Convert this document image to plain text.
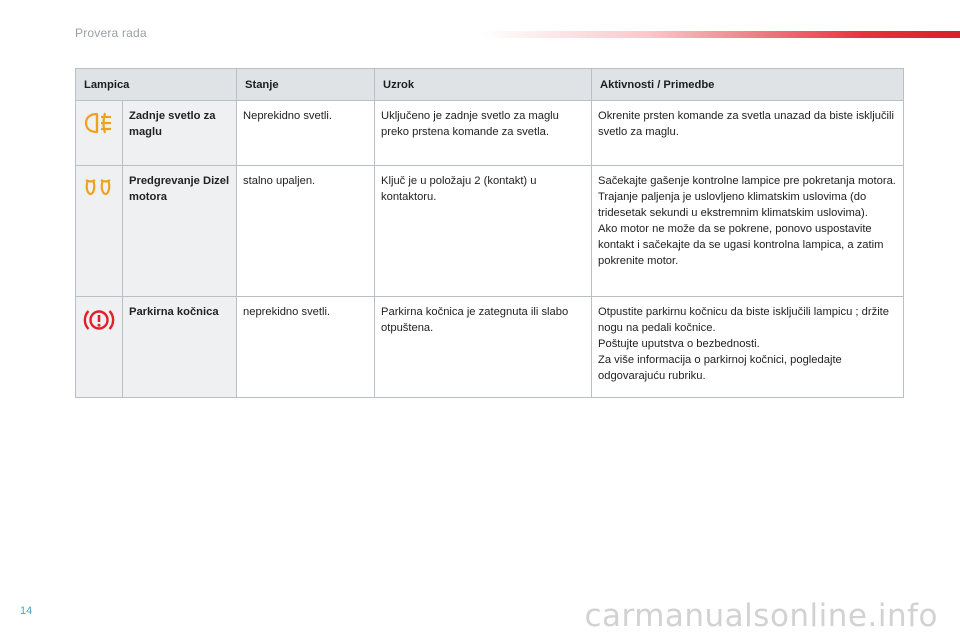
Provera rada
Lampica		Stanje	Uzrok	Aktivnosti / Primedbe

	Zadnje svetlo za maglu	Neprekidno svetli.	Uključeno je zadnje svetlo za maglu preko prstena komande za svetla.	Okrenite prsten komande za svetla unazad da biste isključili svetlo za maglu.

	Predgrevanje Dizel motora	stalno upaljen.	Ključ je u položaju 2 (kontakt) u kontaktoru.	Sačekajte gašenje kontrolne lampice pre pokretanja motora.
Trajanje paljenja je uslovljeno klimatskim uslovima (do tridesetak sekundi u ekstremnim klimatskim uslovima).
Ako motor ne može da se pokrene, ponovo uspostavite kontakt i sačekajte da se ugasi kontrolna lampica, a zatim pokrenite motor.

	Parkirna kočnica	neprekidno svetli.	Parkirna kočnica je zategnuta ili slabo otpuštena.	Otpustite parkirnu kočnicu da biste isključili lampicu ; držite nogu na pedali kočnice.
Poštujte uputstva o bezbednosti.
Za više informacija o parkirnoj kočnici, pogledajte odgovarajuću rubriku.
14	carmanualsonline.info
